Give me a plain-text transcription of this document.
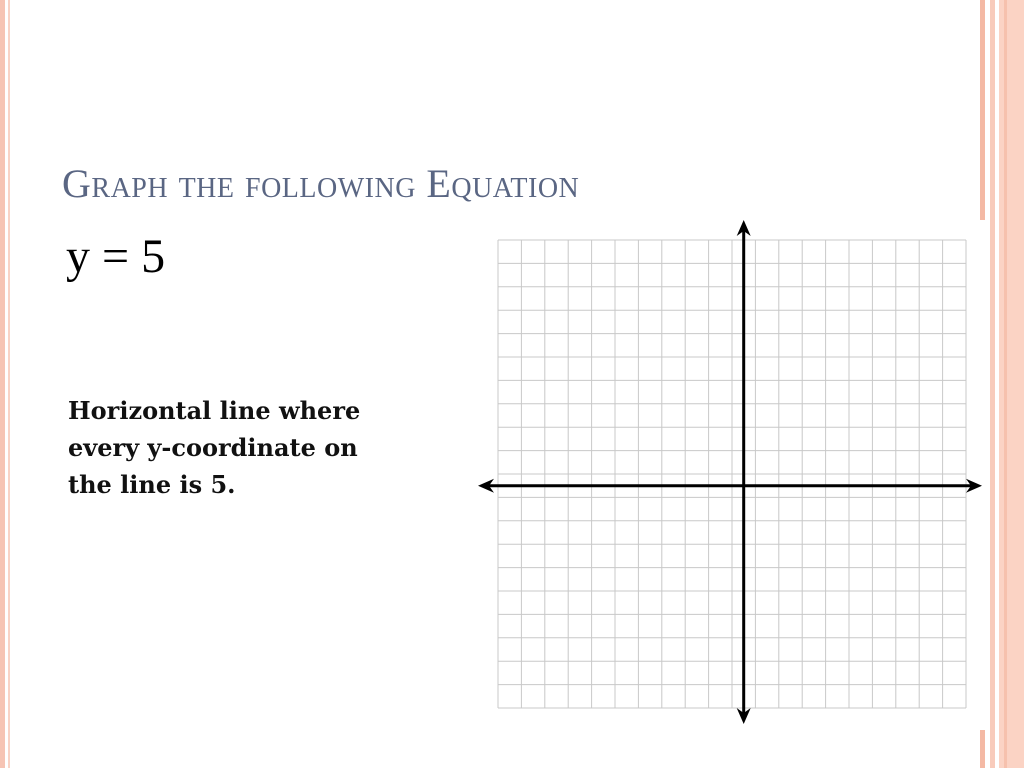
Graph the following Equation
y = 5
Horizontal line where every y-coordinate on the line is 5.
